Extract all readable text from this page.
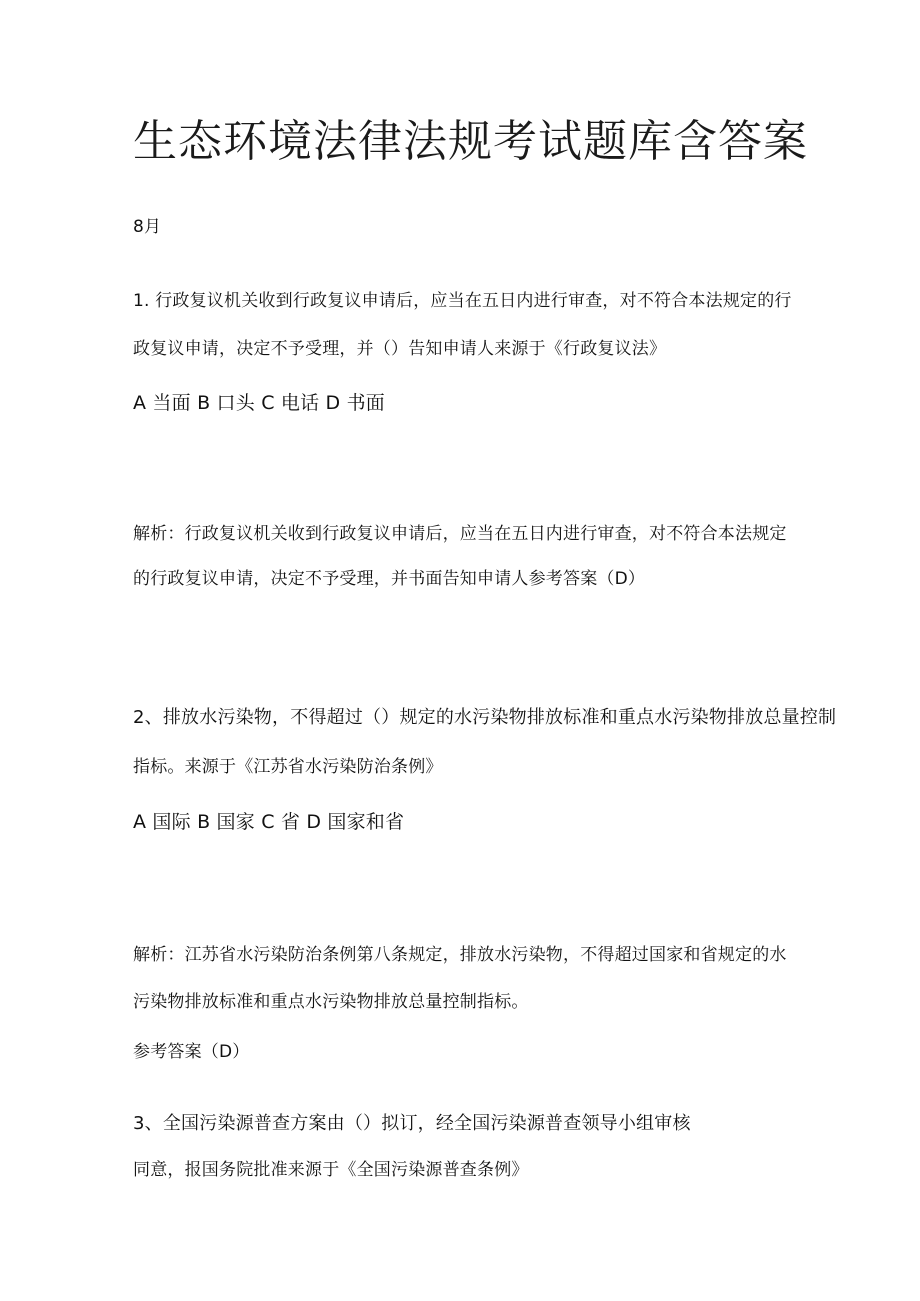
生态环境法律法规考试题库含答案
8月
1. 行政复议机关收到行政复议申请后，应当在五日内进行审查，对不符合本法规定的行
政复议申请，决定不予受理，并（）告知申请人来源于《行政复议法》
A 当面 B 口头 C 电话 D 书面
解析：行政复议机关收到行政复议申请后，应当在五日内进行审查，对不符合本法规定
的行政复议申请，决定不予受理，并书面告知申请人参考答案（D）
2、排放水污染物，不得超过（）规定的水污染物排放标准和重点水污染物排放总量控制
指标。来源于《江苏省水污染防治条例》
A 国际 B 国家 C 省 D 国家和省
解析：江苏省水污染防治条例第八条规定，排放水污染物，不得超过国家和省规定的水
污染物排放标准和重点水污染物排放总量控制指标。
参考答案（D）
3、全国污染源普查方案由（）拟订，经全国污染源普查领导小组审核
同意，报国务院批准来源于《全国污染源普查条例》
